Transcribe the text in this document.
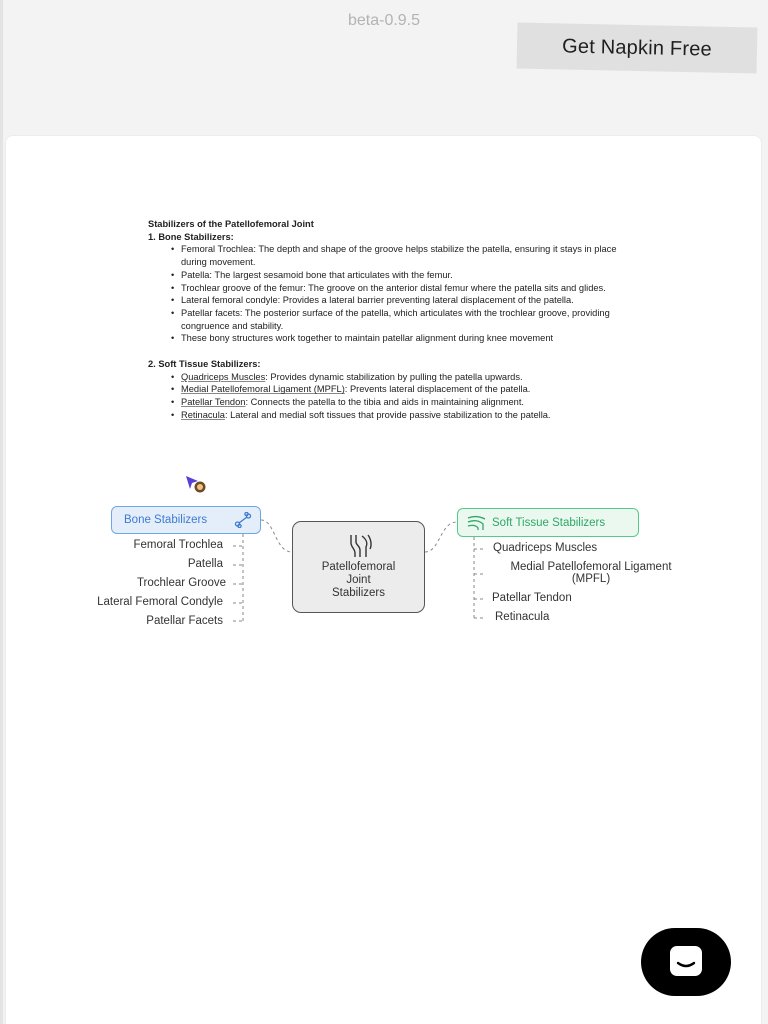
beta-0.9.5
Get Napkin Free
Stabilizers of the Patellofemoral Joint
1. Bone Stabilizers:
• Femoral Trochlea: The depth and shape of the groove helps stabilize the patella, ensuring it stays in place during movement.
• Patella: The largest sesamoid bone that articulates with the femur.
• Trochlear groove of the femur: The groove on the anterior distal femur where the patella sits and glides.
• Lateral femoral condyle: Provides a lateral barrier preventing lateral displacement of the patella.
• Patellar facets: The posterior surface of the patella, which articulates with the trochlear groove, providing congruence and stability.
• These bony structures work together to maintain patellar alignment during knee movement
2. Soft Tissue Stabilizers:
• Quadriceps Muscles: Provides dynamic stabilization by pulling the patella upwards.
• Medial Patellofemoral Ligament (MPFL): Prevents lateral displacement of the patella.
• Patellar Tendon: Connects the patella to the tibia and aids in maintaining alignment.
• Retinacula: Lateral and medial soft tissues that provide passive stabilization to the patella.
Bone Stabilizers	Soft Tissue Stabilizers
Patellofemoral
Joint
Stabilizers
Femoral Trochlea
Patella
Trochlear Groove
Lateral Femoral Condyle
Patellar Facets
Quadriceps Muscles
Medial Patellofemoral Ligament
(MPFL)
Patellar Tendon
Retinacula
